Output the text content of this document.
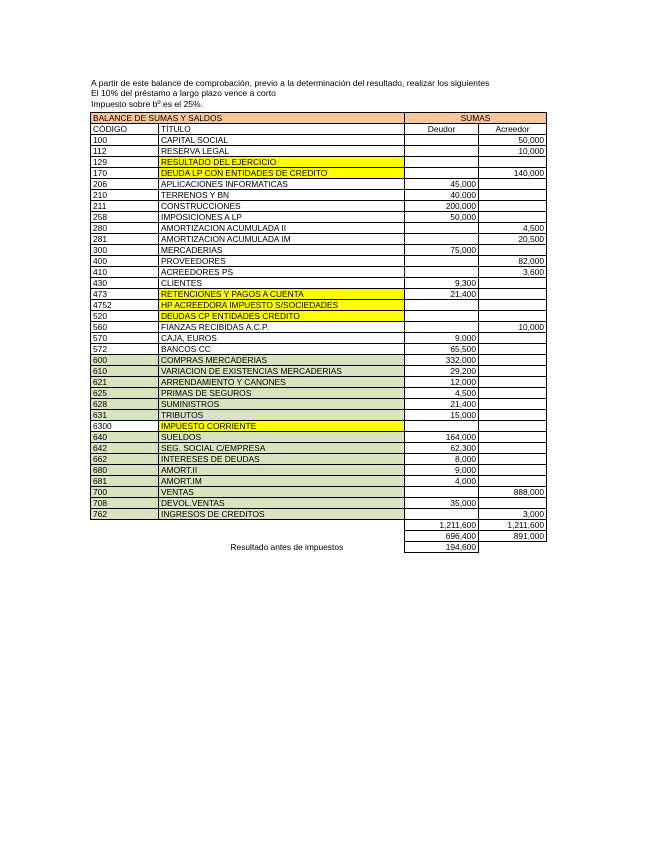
A partir de este balance de comprobación, previo a la determinación del resultado, realizar los siguientes
El 10% del préstamo a largo plazo vence a corto
Impuesto sobre bº es el 25%.
BALANCE DE SUMAS Y SALDOS		SUMAS	
CÓDIGO	TÍTULO	Deudor	Acreedor
100	CAPITAL SOCIAL		50,000
112	RESERVA LEGAL		10,000
129	RESULTADO DEL EJERCICIO		
170	DEUDA LP CON ENTIDADES DE CREDITO		140,000
206	APLICACIONES INFORMATICAS	45,000	
210	TERRENOS Y BN	40,000	
211	CONSTRUCCIONES	200,000	
258	IMPOSICIONES A LP	50,000	
280	AMORTIZACION ACUMULADA II		4,500
281	AMORTIZACION ACUMULADA IM		20,500
300	MERCADERIAS	75,000	
400	PROVEEDORES		82,000
410	ACREEDORES PS		3,600
430	CLIENTES	9,300	
473	RETENCIONES Y PAGOS A CUENTA	21,400	
4752	HP ACREEDORA IMPUESTO S/SOCIEDADES		
520	DEUDAS CP ENTIDADES CREDITO		
560	FIANZAS RECIBIDAS A.C.P.		10,000
570	CAJA, EUROS	9,000	
572	BANCOS CC	65,500	
600	COMPRAS MERCADERIAS	332,000	
610	VARIACION DE EXISTENCIAS MERCADERIAS	29,200	
621	ARRENDAMIENTO Y CANONES	12,000	
625	PRIMAS DE SEGUROS	4,500	
628	SUMINISTROS	21,400	
631	TRIBUTOS	15,000	
6300	IMPUESTO CORRIENTE		
640	SUELDOS	164,000	
642	SEG. SOCIAL C/EMPRESA	62,300	
662	INTERESES DE DEUDAS	8,000	
680	AMORT.II	9,000	
681	AMORT.IM	4,000	
700	VENTAS		888,000
708	DEVOL.VENTAS	35,000	
762	INGRESOS DE CREDITOS		3,000
		1,211,600	1,211,600
		696,400	891,000
	Resultado antes de impuestos	194,600	
